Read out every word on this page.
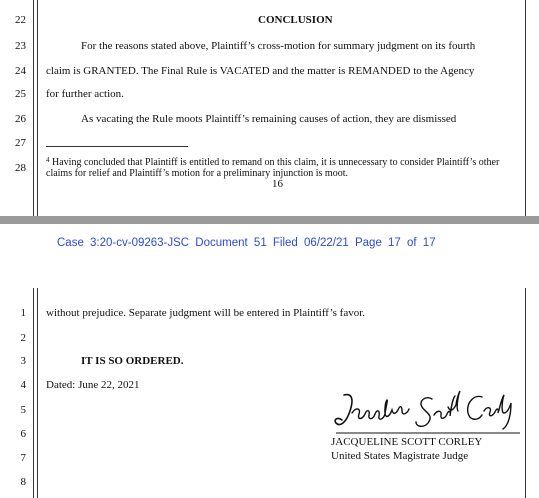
22
23
24
25
26
27
28
CONCLUSION
For the reasons stated above, Plaintiff’s cross-motion for summary judgment on its fourth
claim is GRANTED. The Final Rule is VACATED and the matter is REMANDED to the Agency
for further action.
As vacating the Rule moots Plaintiff’s remaining causes of action, they are dismissed
$^4$ Having concluded that Plaintiff is entitled to remand on this claim, it is unnecessary to consider Plaintiff’s other claims for relief and Plaintiff’s motion for a preliminary injunction is moot.
16
Case 3:20-cv-09263-JSC Document 51 Filed 06/22/21 Page 17 of 17
1
2
3
4
5
6
7
8
without prejudice. Separate judgment will be entered in Plaintiff’s favor.
IT IS SO ORDERED.
Dated: June 22, 2021
JACQUELINE SCOTT CORLEY
United States Magistrate Judge
